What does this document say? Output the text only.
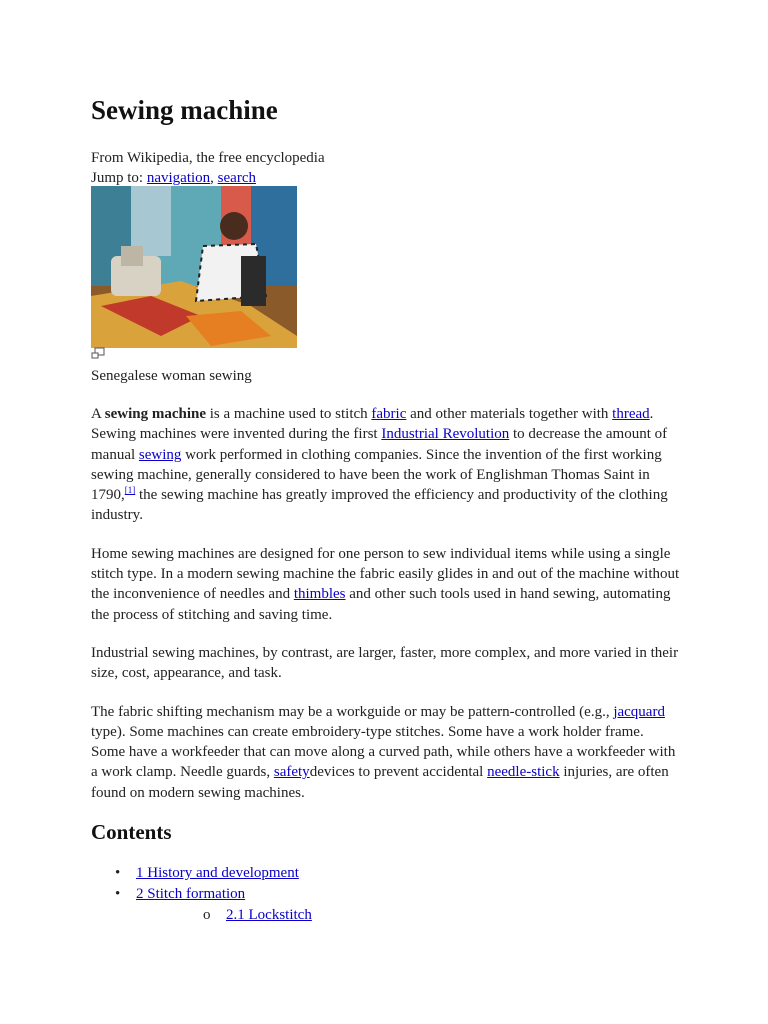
Sewing machine
From Wikipedia, the free encyclopedia
Jump to: navigation, search
Senegalese woman sewing

A sewing machine is a machine used to stitch fabric and other materials together with thread. Sewing machines were invented during the first Industrial Revolution to decrease the amount of manual sewing work performed in clothing companies. Since the invention of the first working sewing machine, generally considered to have been the work of Englishman Thomas Saint in 1790,[1] the sewing machine has greatly improved the efficiency and productivity of the clothing industry.

Home sewing machines are designed for one person to sew individual items while using a single stitch type. In a modern sewing machine the fabric easily glides in and out of the machine without the inconvenience of needles and thimbles and other such tools used in hand sewing, automating the process of stitching and saving time.

Industrial sewing machines, by contrast, are larger, faster, more complex, and more varied in their size, cost, appearance, and task.

The fabric shifting mechanism may be a workguide or may be pattern-controlled (e.g., jacquard type). Some machines can create embroidery-type stitches. Some have a work holder frame. Some have a workfeeder that can move along a curved path, while others have a workfeeder with a work clamp. Needle guards, safetydevices to prevent accidental needle-stick injuries, are often found on modern sewing machines.

Contents
• 1 History and development
• 2 Stitch formation
o 2.1 Lockstitch
